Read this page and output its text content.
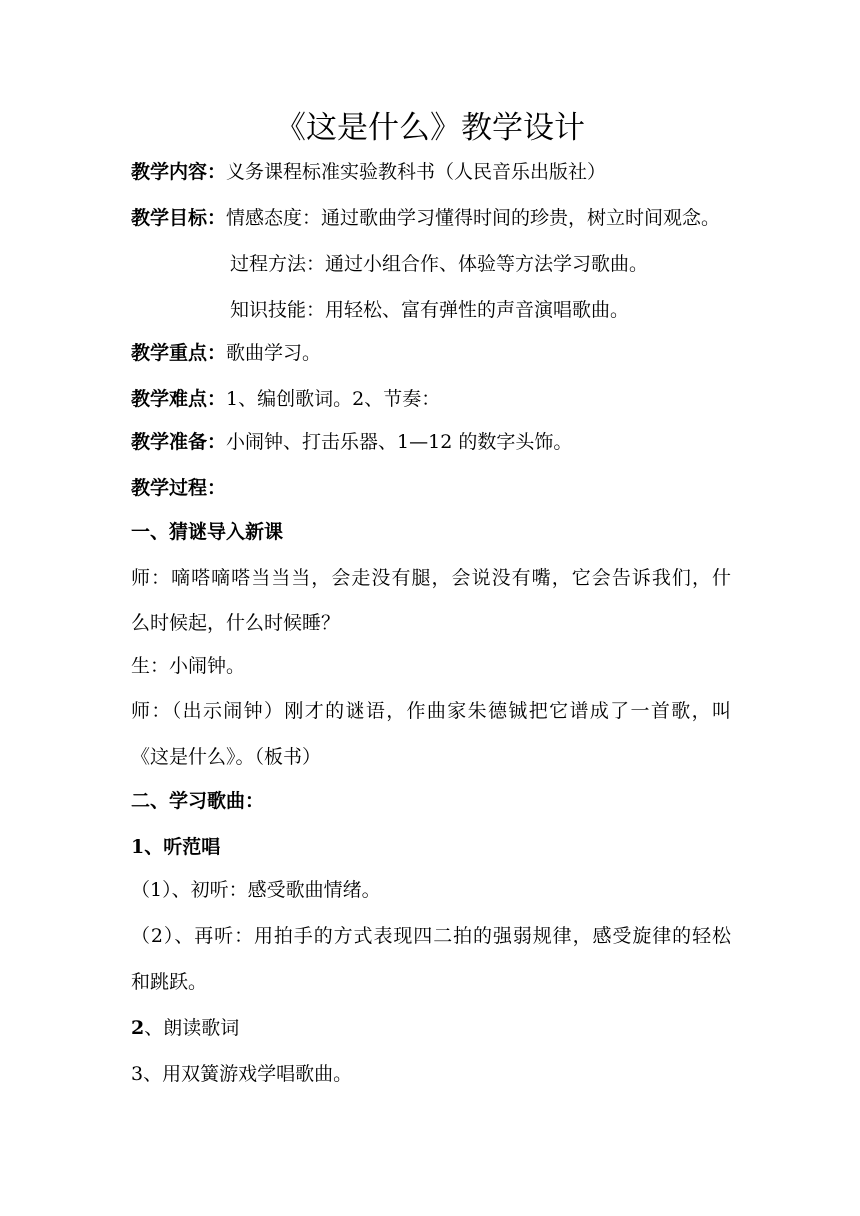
《这是什么》教学设计
教学内容：义务课程标准实验教科书（人民音乐出版社）
教学目标：情感态度：通过歌曲学习懂得时间的珍贵，树立时间观念。
过程方法：通过小组合作、体验等方法学习歌曲。
知识技能：用轻松、富有弹性的声音演唱歌曲。
教学重点：歌曲学习。
教学难点：1、编创歌词。2、节奏：
教学准备：小闹钟、打击乐器、1—12 的数字头饰。
教学过程：
一、猜谜导入新课
师：嘀嗒嘀嗒当当当，会走没有腿，会说没有嘴，它会告诉我们，什
么时候起，什么时候睡？
生：小闹钟。
师：（出示闹钟）刚才的谜语，作曲家朱德铖把它谱成了一首歌，叫
《这是什么》。（板书）
二、学习歌曲：
1、听范唱
（1）、初听：感受歌曲情绪。
（2）、再听：用拍手的方式表现四二拍的强弱规律，感受旋律的轻松
和跳跃。
2、朗读歌词
3、用双簧游戏学唱歌曲。
